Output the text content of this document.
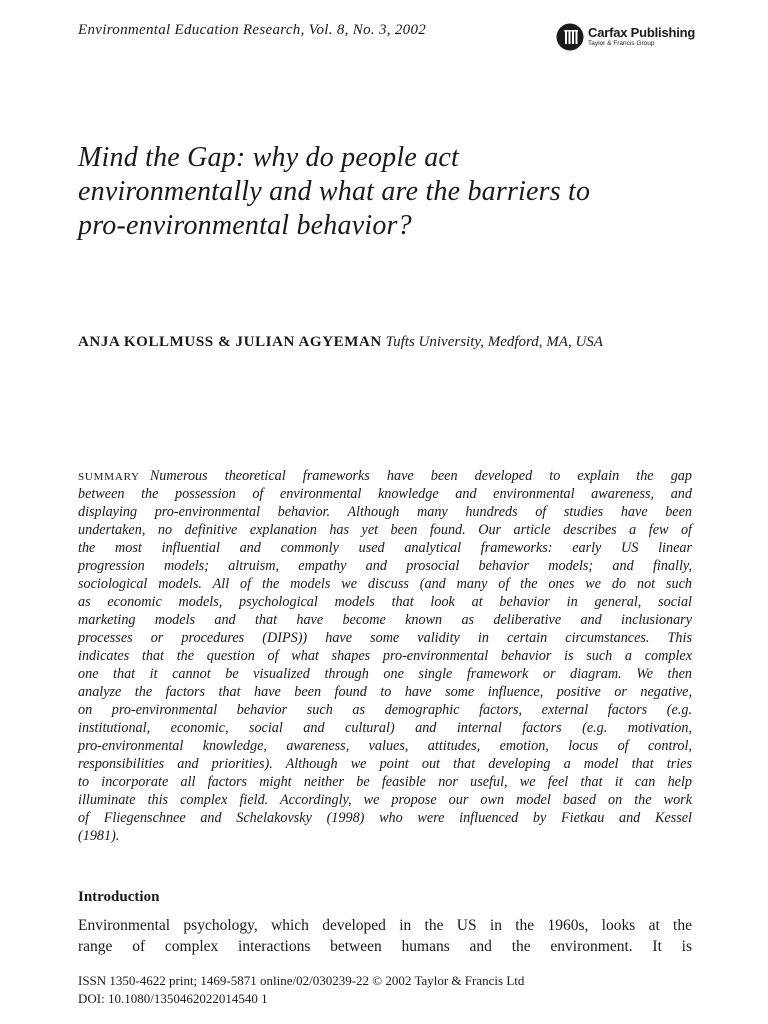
Environmental Education Research, Vol. 8, No. 3, 2002	Carfax Publishing
Taylor & Francis Group
Mind the Gap: why do people act
environmentally and what are the barriers to
pro-environmental behavior?
ANJA KOLLMUSS & JULIAN AGYEMAN Tufts University, Medford, MA, USA
SUMMARY Numerous theoretical frameworks have been developed to explain the gap
between the possession of environmental knowledge and environmental awareness, and
displaying pro-environmental behavior. Although many hundreds of studies have been
undertaken, no definitive explanation has yet been found. Our article describes a few of
the most influential and commonly used analytical frameworks: early US linear
progression models; altruism, empathy and prosocial behavior models; and finally,
sociological models. All of the models we discuss (and many of the ones we do not such
as economic models, psychological models that look at behavior in general, social
marketing models and that have become known as deliberative and inclusionary
processes or procedures (DIPS)) have some validity in certain circumstances. This
indicates that the question of what shapes pro-environmental behavior is such a complex
one that it cannot be visualized through one single framework or diagram. We then
analyze the factors that have been found to have some influence, positive or negative,
on pro-environmental behavior such as demographic factors, external factors (e.g.
institutional, economic, social and cultural) and internal factors (e.g. motivation,
pro-environmental knowledge, awareness, values, attitudes, emotion, locus of control,
responsibilities and priorities). Although we point out that developing a model that tries
to incorporate all factors might neither be feasible nor useful, we feel that it can help
illuminate this complex field. Accordingly, we propose our own model based on the work
of Fliegenschnee and Schelakovsky (1998) who were influenced by Fietkau and Kessel
(1981).
Introduction
Environmental psychology, which developed in the US in the 1960s, looks at the
range of complex interactions between humans and the environment. It is
ISSN 1350-4622 print; 1469-5871 online/02/030239-22 © 2002 Taylor & Francis Ltd
DOI: 10.1080/1350462022014540 1
